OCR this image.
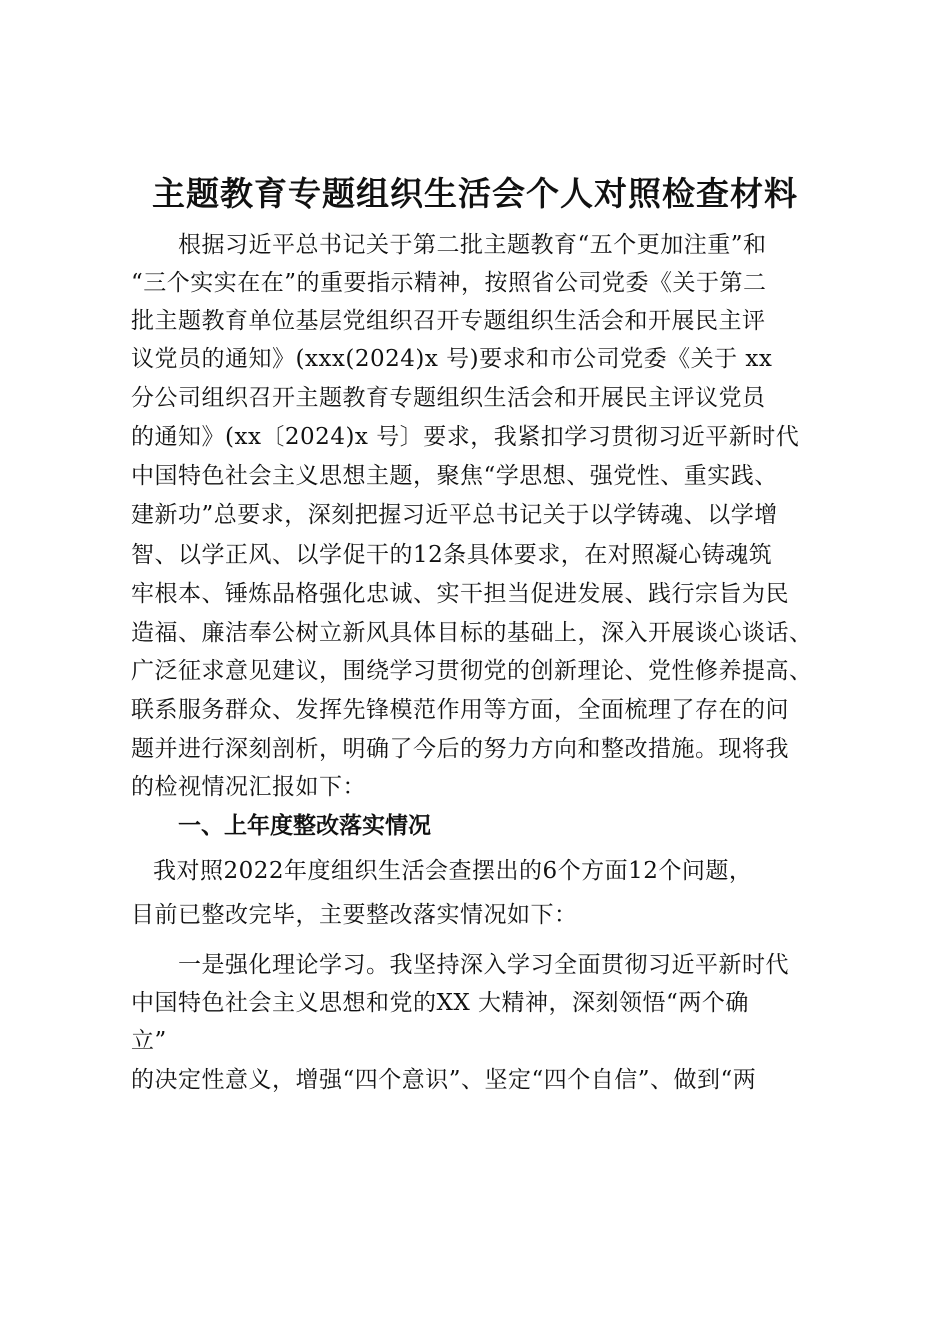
主题教育专题组织生活会个人对照检查材料
根据习近平总书记关于第二批主题教育“五个更加注重”和
“三个实实在在”的重要指示精神，按照省公司党委《关于第二
批主题教育单位基层党组织召开专题组织生活会和开展民主评
议党员的通知》(xxx(2024)x 号)要求和市公司党委《关于 xx
分公司组织召开主题教育专题组织生活会和开展民主评议党员
的通知》(xx〔2024)x 号〕要求，我紧扣学习贯彻习近平新时代
中国特色社会主义思想主题，聚焦“学思想、强党性、重实践、
建新功”总要求，深刻把握习近平总书记关于以学铸魂、以学增
智、以学正风、以学促干的12条具体要求，在对照凝心铸魂筑
牢根本、锤炼品格强化忠诚、实干担当促进发展、践行宗旨为民
造福、廉洁奉公树立新风具体目标的基础上，深入开展谈心谈话、
广泛征求意见建议，围绕学习贯彻党的创新理论、党性修养提高、
联系服务群众、发挥先锋模范作用等方面，全面梳理了存在的问
题并进行深刻剖析，明确了今后的努力方向和整改措施。现将我
的检视情况汇报如下：
一、上年度整改落实情况
我对照2022年度组织生活会查摆出的6个方面12个问题，
目前已整改完毕，主要整改落实情况如下：
一是强化理论学习。我坚持深入学习全面贯彻习近平新时代
中国特色社会主义思想和党的XX 大精神，深刻领悟“两个确
立”
的决定性意义，增强“四个意识”、坚定“四个自信”、做到“两
